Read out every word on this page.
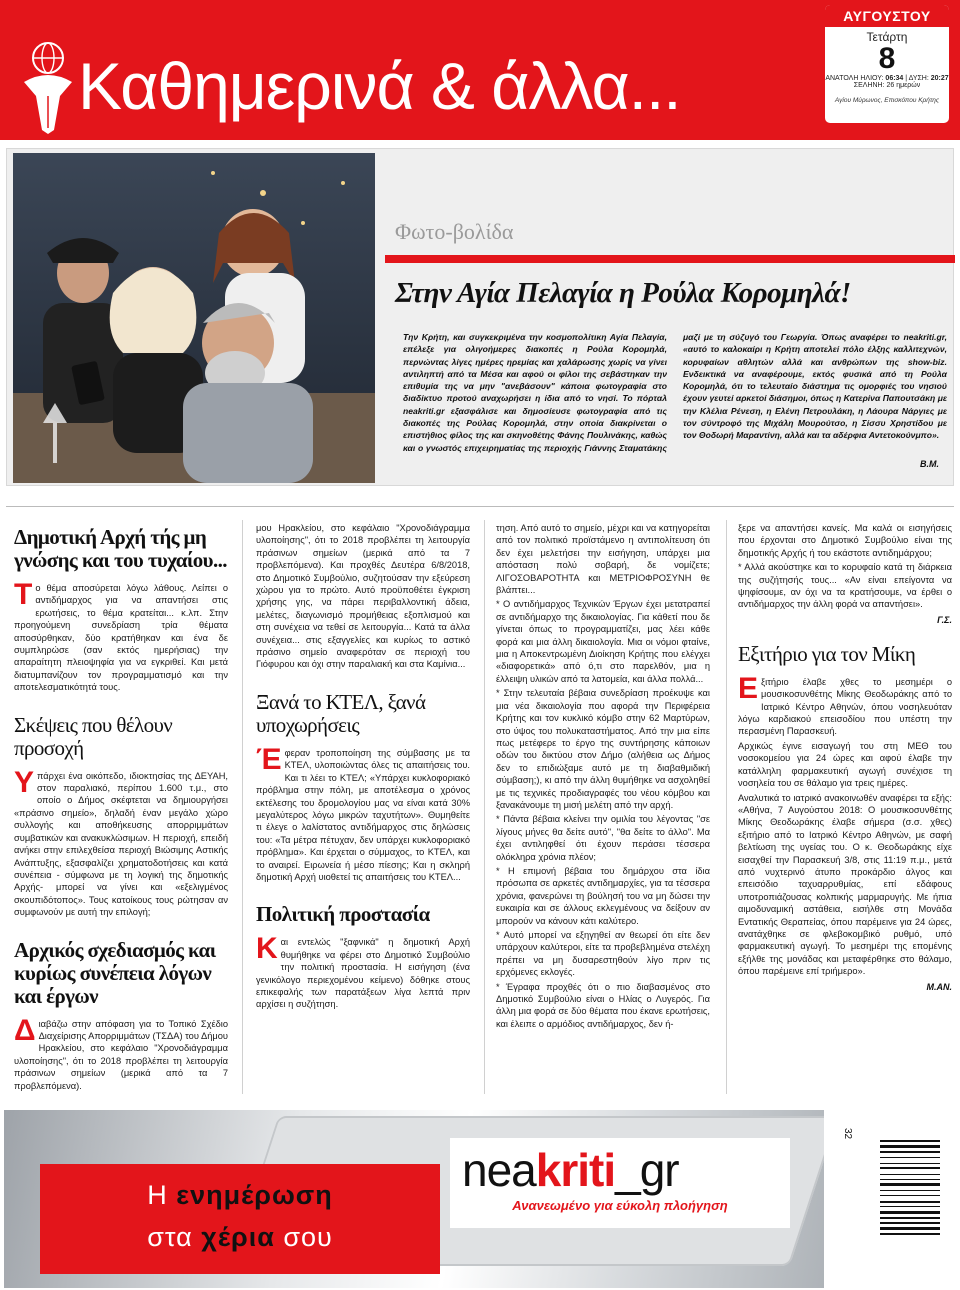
Καθημερινά & άλλα...
ΑΥΓΟΥΣΤΟΥ
Τετάρτη
8
ΑΝΑΤΟΛΗ ΗΛΙΟΥ: 06:34 | ΔΥΣΗ: 20:27
ΣΕΛΗΝΗ: 26 ημερών
Αγίου Μύρωνος, Επισκόπου Κρήτης
Φωτο-βολίδα
Στην Αγία Πελαγία η Ρούλα Κορομηλά!
Την Κρήτη, και συγκεκριμένα την κοσμοπολίτικη Αγία Πελαγία, επέλεξε για ολιγοήμερες διακοπές η Ρούλα Κορομηλά, περνώντας λίγες ημέρες ηρεμίας και χαλάρωσης χωρίς να γίνει αντιληπτή από τα Μέσα και αφού οι φίλοι της σεβάστηκαν την επιθυμία της να μην "ανεβάσουν" κάποια φωτογραφία στο διαδίκτυο προτού αναχωρήσει η ίδια από το νησί. Το πόρταλ neakriti.gr εξασφάλισε και δημοσίευσε φωτογραφία από τις διακοπές της Ρούλας Κορομηλά, στην οποία διακρίνεται ο επιστήθιος φίλος της και σκηνοθέτης Φάνης Πουλινάκης, καθώς και ο γνωστός επιχειρηματίας της περιοχής Γιάννης Σταματάκης μαζί με τη σύζυγό του Γεωργία. Όπως αναφέρει το neakriti.gr, «αυτό το καλοκαίρι η Κρήτη αποτελεί πόλο έλξης καλλιτεχνών, κορυφαίων αθλητών αλλά και ανθρώπων της show-biz. Ενδεικτικά να αναφέρουμε, εκτός φυσικά από τη Ρούλα Κορομηλά, ότι το τελευταίο διάστημα τις ομορφιές του νησιού έχουν γευτεί αρκετοί διάσημοι, όπως η Κατερίνα Παπουτσάκη με την Κλέλια Ρένεση, η Ελένη Πετρουλάκη, η Λάουρα Νάργιες με τον σύντροφό της Μιχάλη Μουρούτσο, η Σίσσυ Χρηστίδου με τον Θοδωρή Μαραντίνη, αλλά και τα αδέρφια Αντετοκούνμπο».
Β.Μ.
Δημοτική Αρχή τής μη γνώσης και του τυχαίου...

Το θέμα αποσύρεται λόγω λάθους. Λείπει ο αντιδήμαρχος για να απαντήσει στις ερωτήσεις, το θέμα κρατείται... κ.λπ. Στην προηγούμενη συνεδρίαση τρία θέματα αποσύρθηκαν, δύο κρατήθηκαν και ένα δε συμπληρώσε (σαν εκτός ημερήσιας) την απαραίτητη πλειοψηφία για να εγκριθεί. Και μετά διατυμπανίζουν τον προγραμματισμό και την αποτελεσματικότητά τους.

Σκέψεις που θέλουν προσοχή

Υπάρχει ένα οικόπεδο, ιδιοκτησίας της ΔΕΥΑΗ, στον παραλιακό, περίπου 1.600 τ.μ., στο οποίο ο Δήμος σκέφτεται να δημιουργήσει «πράσινο σημείο», δηλαδή έναν μεγάλο χώρο συλλογής και αποθήκευσης απορριμμάτων συμβατικών και ανακυκλώσιμων. Η περιοχή, επειδή ανήκει στην επιλεχθείσα περιοχή Βιώσιμης Αστικής Ανάπτυξης, εξασφαλίζει χρηματοδοτήσεις και κατά συνέπεια - σύμφωνα με τη λογική της δημοτικής Αρχής- μπορεί να γίνει και «εξελιγμένος σκουπιδότοπος». Τους κατοίκους τους ρώτησαν αν συμφωνούν με αυτή την επιλογή;

Αρχικός σχεδιασμός και κυρίως συνέπεια λόγων και έργων

Διαβάζω στην απόφαση για το Τοπικό Σχέδιο Διαχείρισης Απορριμμάτων (ΤΣΔΑ) του Δήμου Ηρακλείου, στο κεφάλαιο "Χρονοδιάγραμμα υλοποίησης", ότι το 2018 προβλέπει τη λειτουργία πράσινων σημείων (μερικά από τα 7 προβλεπόμενα).

μου Ηρακλείου, στο κεφάλαιο "Χρονοδιάγραμμα υλοποίησης", ότι το 2018 προβλέπει τη λειτουργία πράσινων σημείων (μερικά από τα 7 προβλεπόμενα). Και προχθές Δευτέρα 6/8/2018, στο Δημοτικό Συμβούλιο, συζητούσαν την εξεύρεση χώρου για το πρώτο. Αυτό προϋποθέτει έγκριση χρήσης γης, να πάρει περιβαλλοντική άδεια, μελέτες, διαγωνισμό προμήθειας εξοπλισμού και στη συνέχεια να τεθεί σε λειτουργία... Κατά τα άλλα συνέχεια... στις εξαγγελίες και κυρίως το αστικό πράσινο σημείο αναφερόταν σε περιοχή του Γιόφυρου και όχι στην παραλιακή και στα Καμίνια...

Ξανά το ΚΤΕΛ, ξανά υποχωρήσεις

Έφεραν τροποποίηση της σύμβασης με τα ΚΤΕΛ, υλοποιώντας όλες τις απαιτήσεις του. Και τι λέει το ΚΤΕΛ; «Υπάρχει κυκλοφοριακό πρόβλημα στην πόλη, με αποτέλεσμα ο χρόνος εκτέλεσης του δρομολογίου μας να είναι κατά 30% μεγαλύτερος λόγω μικρών ταχυτήτων». Θυμηθείτε τι έλεγε ο λαλίστατος αντιδήμαρχος στις δηλώσεις του: «Τα μέτρα πέτυχαν, δεν υπάρχει κυκλοφοριακό πρόβλημα». Και έρχεται ο σύμμαχος, το ΚΤΕΛ, και το αναιρεί. Ειρωνεία ή μέσο πίεσης; Και η σκληρή δημοτική Αρχή υιοθετεί τις απαιτήσεις του ΚΤΕΛ...

Πολιτική προστασία

Και εντελώς "ξαφνικά" η δημοτική Αρχή θυμήθηκε να φέρει στο Δημοτικό Συμβούλιο την πολιτική προστασία. Η εισήγηση (ένα γενικόλογο περιεχομένου κείμενο) δόθηκε στους επικεφαλής των παρατάξεων λίγα λεπτά πριν αρχίσει η συζήτηση.

τηση. Από αυτό το σημείο, μέχρι και να κατηγορείται από τον πολιτικό προϊστάμενο η αντιπολίτευση ότι δεν έχει μελετήσει την εισήγηση, υπάρχει μια απόσταση πολύ σοβαρή, δε νομίζετε; ΛΙΓΟΣΟΒΑΡΟΤΗΤΑ και ΜΕΤΡΙΟΦΡΟΣΥΝΗ θε βλάπτει...

* Ο αντιδήμαρχος Τεχνικών Έργων έχει μετατραπεί σε αντιδήμαρχο της δικαιολογίας. Για κάθετί που δε γίνεται όπως το προγραμματίζει, μας λέει κάθε φορά και μια άλλη δικαιολογία. Μια οι νόμοι φταίνε, μια η Αποκεντρωμένη Διοίκηση Κρήτης που ελέγχει «διαφορετικά» από ό,τι στο παρελθόν, μια η έλλειψη υλικών από τα λατομεία, και άλλα πολλά...

* Στην τελευταία βέβαια συνεδρίαση προέκυψε και μια νέα δικαιολογία που αφορά την Περιφέρεια Κρήτης και τον κυκλικό κόμβο στην 62 Μαρτύρων, στο ύψος του πολυκαταστήματος. Από την μια είπε πως μετέφερε το έργο της συντήρησης κάποιων οδών του δικτύου στον Δήμο (αλήθεια ως Δήμος δεν το επιδιώξαμε αυτό με τη διαβαθμιδική σύμβαση;), κι από την άλλη θυμήθηκε να ασχοληθεί με τις τεχνικές προδιαγραφές του νέου κόμβου και ξανακάνουμε τη μισή μελέτη από την αρχή.

* Πάντα βέβαια κλείνει την ομιλία του λέγοντας "σε λίγους μήνες θα δείτε αυτό", "θα δείτε το άλλο". Μα έχει αντιληφθεί ότι έχουν περάσει τέσσερα ολόκληρα χρόνια πλέον;

* Η επιμονή βέβαια του δημάρχου στα ίδια πρόσωπα σε αρκετές αντιδημαρχίες, για τα τέσσερα χρόνια, φανερώνει τη βούλησή του να μη δώσει την ευκαιρία και σε άλλους εκλεγμένους να δείξουν αν μπορούν να κάνουν κάτι καλύτερο.

* Αυτό μπορεί να εξηγηθεί αν θεωρεί ότι είτε δεν υπάρχουν καλύτεροι, είτε τα προβεβλημένα στελέχη πρέπει να μη δυσαρεστηθούν λίγο πριν τις ερχόμενες εκλογές.

* Έγραφα προχθές ότι ο πιο διαβασμένος στο Δημοτικό Συμβούλιο είναι ο Ηλίας ο Λυγερός. Για άλλη μια φορά σε δύο θέματα που έκανε ερωτήσεις, και έλειπε ο αρμόδιος αντιδήμαρχος, δεν ή-

ξερε να απαντήσει κανείς. Μα καλά οι εισηγήσεις που έρχονται στο Δημοτικό Συμβούλιο είναι της δημοτικής Αρχής ή του εκάστοτε αντιδημάρχου;

* Αλλά ακούστηκε και το κορυφαίο κατά τη διάρκεια της συζήτησής τους... «Αν είναι επείγοντα να ψηφίσουμε, αν όχι να τα κρατήσουμε, να έρθει ο αντιδήμαρχος την άλλη φορά να απαντήσει».

Γ.Σ.
Εξιτήριο για τον Μίκη

Εξιτήριο έλαβε χθες το μεσημέρι ο μουσικοσυνθέτης Μίκης Θεοδωράκης από το Ιατρικό Κέντρο Αθηνών, όπου νοσηλευόταν λόγω καρδιακού επεισοδίου που υπέστη την περασμένη Παρασκευή.

Αρχικώς έγινε εισαγωγή του στη ΜΕΘ του νοσοκομείου για 24 ώρες και αφού έλαβε την κατάλληλη φαρμακευτική αγωγή συνέχισε τη νοσηλεία του σε θάλαμο για τρεις ημέρες.

Αναλυτικά το ιατρικό ανακοινωθέν αναφέρει τα εξής: «Αθήνα, 7 Αυγούστου 2018: Ο μουσικοσυνθέτης Μίκης Θεοδωράκης έλαβε σήμερα (σ.σ. χθες) εξιτήριο από το Ιατρικό Κέντρο Αθηνών, με σαφή βελτίωση της υγείας του. Ο κ. Θεοδωράκης είχε εισαχθεί την Παρασκευή 3/8, στις 11:19 π.μ., μετά από νυχτερινό άτυπο προκάρδιο άλγος και επεισόδιο ταχυαρρυθμίας, επί εδάφους υποτροπιάζουσας κολπικής μαρμαρυγής. Με ήπια αιμοδυναμική αστάθεια, εισήλθε στη Μονάδα Εντατικής Θεραπείας, όπου παρέμεινε για 24 ώρες, ανατάχθηκε σε φλεβοκομβικό ρυθμό, υπό φαρμακευτική αγωγή. Το μεσημέρι της επομένης εξήλθε της μονάδας και μεταφέρθηκε στο θάλαμο, όπου παρέμεινε επί τριήμερο».

Μ.ΑΝ.
Η ενημέρωση
στα χέρια σου
neakriti_gr
Ανανεωμένο για εύκολη πλοήγηση
32
